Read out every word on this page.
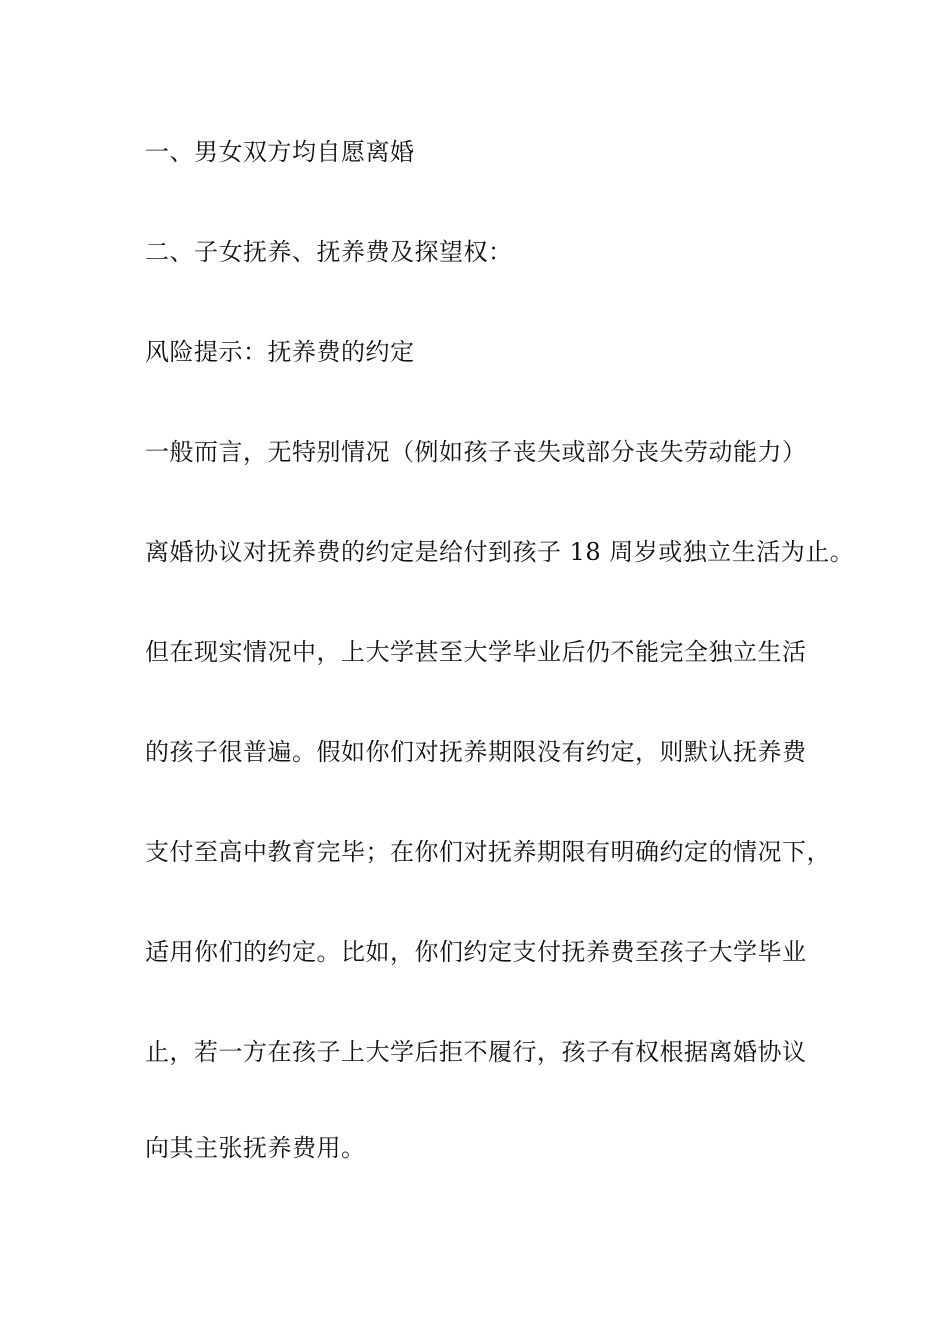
一、男女双方均自愿离婚
二、子女抚养、抚养费及探望权：
风险提示：抚养费的约定
一般而言，无特别情况（例如孩子丧失或部分丧失劳动能力）
离婚协议对抚养费的约定是给付到孩子 18 周岁或独立生活为止。
但在现实情况中，上大学甚至大学毕业后仍不能完全独立生活
的孩子很普遍。假如你们对抚养期限没有约定，则默认抚养费
支付至高中教育完毕；在你们对抚养期限有明确约定的情况下，
适用你们的约定。比如，你们约定支付抚养费至孩子大学毕业
止，若一方在孩子上大学后拒不履行，孩子有权根据离婚协议
向其主张抚养费用。
